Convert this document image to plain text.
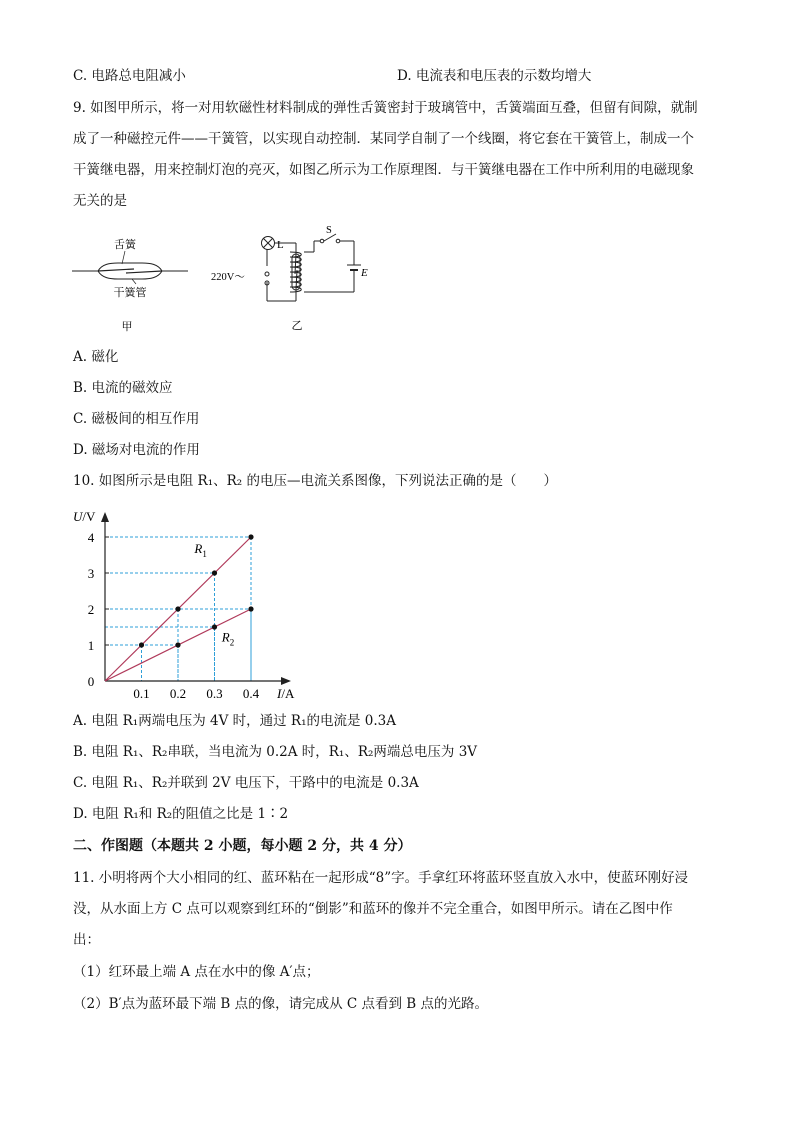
C. 电路总电阻减小	D. 电流表和电压表的示数均增大
9. 如图甲所示，将一对用软磁性材料制成的弹性舌簧密封于玻璃管中，舌簧端面互叠，但留有间隙，就制
成了一种磁控元件——干簧管，以实现自动控制．某同学自制了一个线圈，将它套在干簧管上，制成一个
干簧继电器，用来控制灯泡的亮灭，如图乙所示为工作原理图．与干簧继电器在工作中所利用的电磁现象
无关的是
舌簧
干簧管
甲
L
220V～
S
E
乙
A. 磁化
B. 电流的磁效应
C. 磁极间的相互作用
D. 磁场对电流的作用
10. 如图所示是电阻 R₁、R₂ 的电压—电流关系图像，下列说法正确的是（　　）
1
2
3
4
0.1 0.2 0.3 0.4
0
U/V
I/A
$R_1$
$R_2$
A. 电阻 R₁两端电压为 4V 时，通过 R₁的电流是 0.3A
B. 电阻 R₁、R₂串联，当电流为 0.2A 时，R₁、R₂两端总电压为 3V
C. 电阻 R₁、R₂并联到 2V 电压下，干路中的电流是 0.3A
D. 电阻 R₁和 R₂的阻值之比是 1∶2
二、作图题（本题共 2 小题，每小题 2 分，共 4 分）
11. 小明将两个大小相同的红、蓝环粘在一起形成“8”字。手拿红环将蓝环竖直放入水中，使蓝环刚好浸
没，从水面上方 C 点可以观察到红环的“倒影”和蓝环的像并不完全重合，如图甲所示。请在乙图中作
出：
（1）红环最上端 A 点在水中的像 A′点；
（2）B′点为蓝环最下端 B 点的像，请完成从 C 点看到 B 点的光路。
